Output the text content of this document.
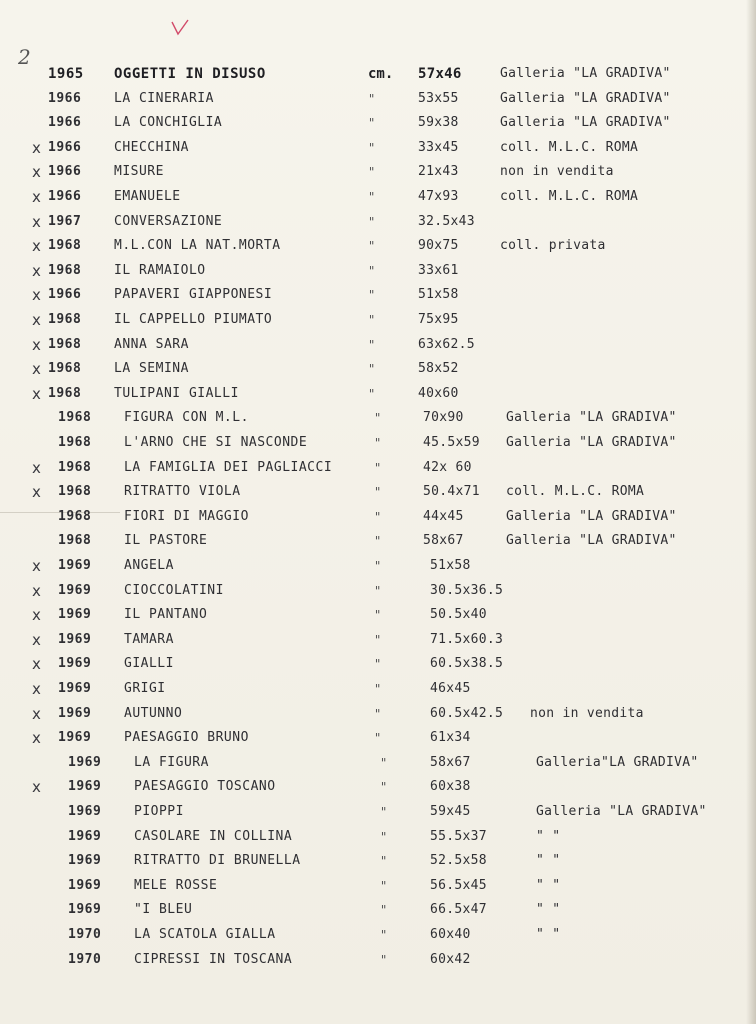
2
1965 OGGETTI IN DISUSO	cm. 57x46	Galleria "LA GRADIVA"
1966	LA CINERARIA	"	53x55	Galleria "LA GRADIVA"
1966	LA CONCHIGLIA	"	59x38	Galleria "LA GRADIVA"
x 1966	CHECCHINA	"	33x45	coll. M.L.C. ROMA
x 1966	MISURE	"	21x43	non in vendita
x 1966	EMANUELE	"	47x93	coll. M.L.C. ROMA
x 1967	CONVERSAZIONE	"	32.5x43
x 1968	M.L.CON LA NAT.MORTA	"	90x75	coll. privata
x 1968	IL RAMAIOLO	"	33x61
x 1966	PAPAVERI GIAPPONESI	"	51x58
x 1968	IL CAPPELLO PIUMATO	"	75x95
x 1968	ANNA SARA	"	63x62.5
x 1968	LA SEMINA	"	58x52
x 1968	TULIPANI GIALLI	"	40x60
1968	FIGURA CON M.L.	"	70x90	Galleria "LA GRADIVA"
1968	L'ARNO CHE SI NASCONDE	"	45.5x59 Galleria "LA GRADIVA"
x 1968	LA FAMIGLIA DEI PAGLIACCI	"	42x 60
x 1968	RITRATTO VIOLA	"	50.4x71 coll. M.L.C. ROMA
1968	FIORI DI MAGGIO	"	44x45	Galleria "LA GRADIVA"
1968	IL PASTORE	"	58x67	Galleria "LA GRADIVA"
x 1969	ANGELA	"	51x58
x 1969	CIOCCOLATINI	"	30.5x36.5
x 1969	IL PANTANO	"	50.5x40
x 1969	TAMARA	"	71.5x60.3
x 1969	GIALLI	"	60.5x38.5
x 1969	GRIGI	"	46x45
x 1969	AUTUNNO	"	60.5x42.5 non in vendita
x 1969	PAESAGGIO BRUNO	"	61x34
1969	LA FIGURA	"	58x67	Galleria"LA GRADIVA"
x 1969	PAESAGGIO TOSCANO	"	60x38
1969	PIOPPI	"	59x45	Galleria "LA GRADIVA"
1969	CASOLARE IN COLLINA	"	55.5x37	" "
1969	RITRATTO DI BRUNELLA	"	52.5x58	" "
1969	MELE ROSSE	"	56.5x45	" "
1969	"I BLEU	"	66.5x47	" "
1970	LA SCATOLA GIALLA	"	60x40	" "
1970	CIPRESSI IN TOSCANA	"	60x42
